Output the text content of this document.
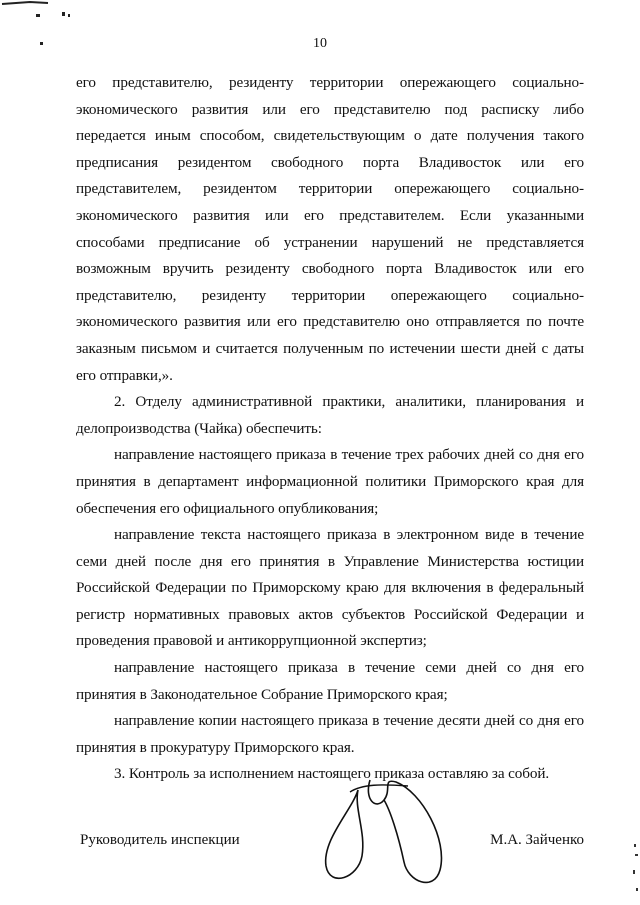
10

его представителю, резиденту территории опережающего социально-экономического развития или его представителю под расписку либо передается иным способом, свидетельствующим о дате получения такого предписания резидентом свободного порта Владивосток или его представителем, резидентом территории опережающего социально-экономического развития или его представителем. Если указанными способами предписание об устранении нарушений не представляется возможным вручить резиденту свободного порта Владивосток или его представителю, резиденту территории опережающего социально-экономического развития или его представителю оно отправляется по почте заказным письмом и считается полученным по истечении шести дней с даты его отправки,».

2. Отделу административной практики, аналитики, планирования и делопроизводства (Чайка) обеспечить:

направление настоящего приказа в течение трех рабочих дней со дня его принятия в департамент информационной политики Приморского края для обеспечения его официального опубликования;

направление текста настоящего приказа в электронном виде в течение семи дней после дня его принятия в Управление Министерства юстиции Российской Федерации по Приморскому краю для включения в федеральный регистр нормативных правовых актов субъектов Российской Федерации и проведения правовой и антикоррупционной экспертиз;

направление настоящего приказа в течение семи дней со дня его принятия в Законодательное Собрание Приморского края;

направление копии настоящего приказа в течение десяти дней со дня его принятия в прокуратуру Приморского края.

3. Контроль за исполнением настоящего приказа оставляю за собой.

Руководитель инспекции	М.А. Зайченко
